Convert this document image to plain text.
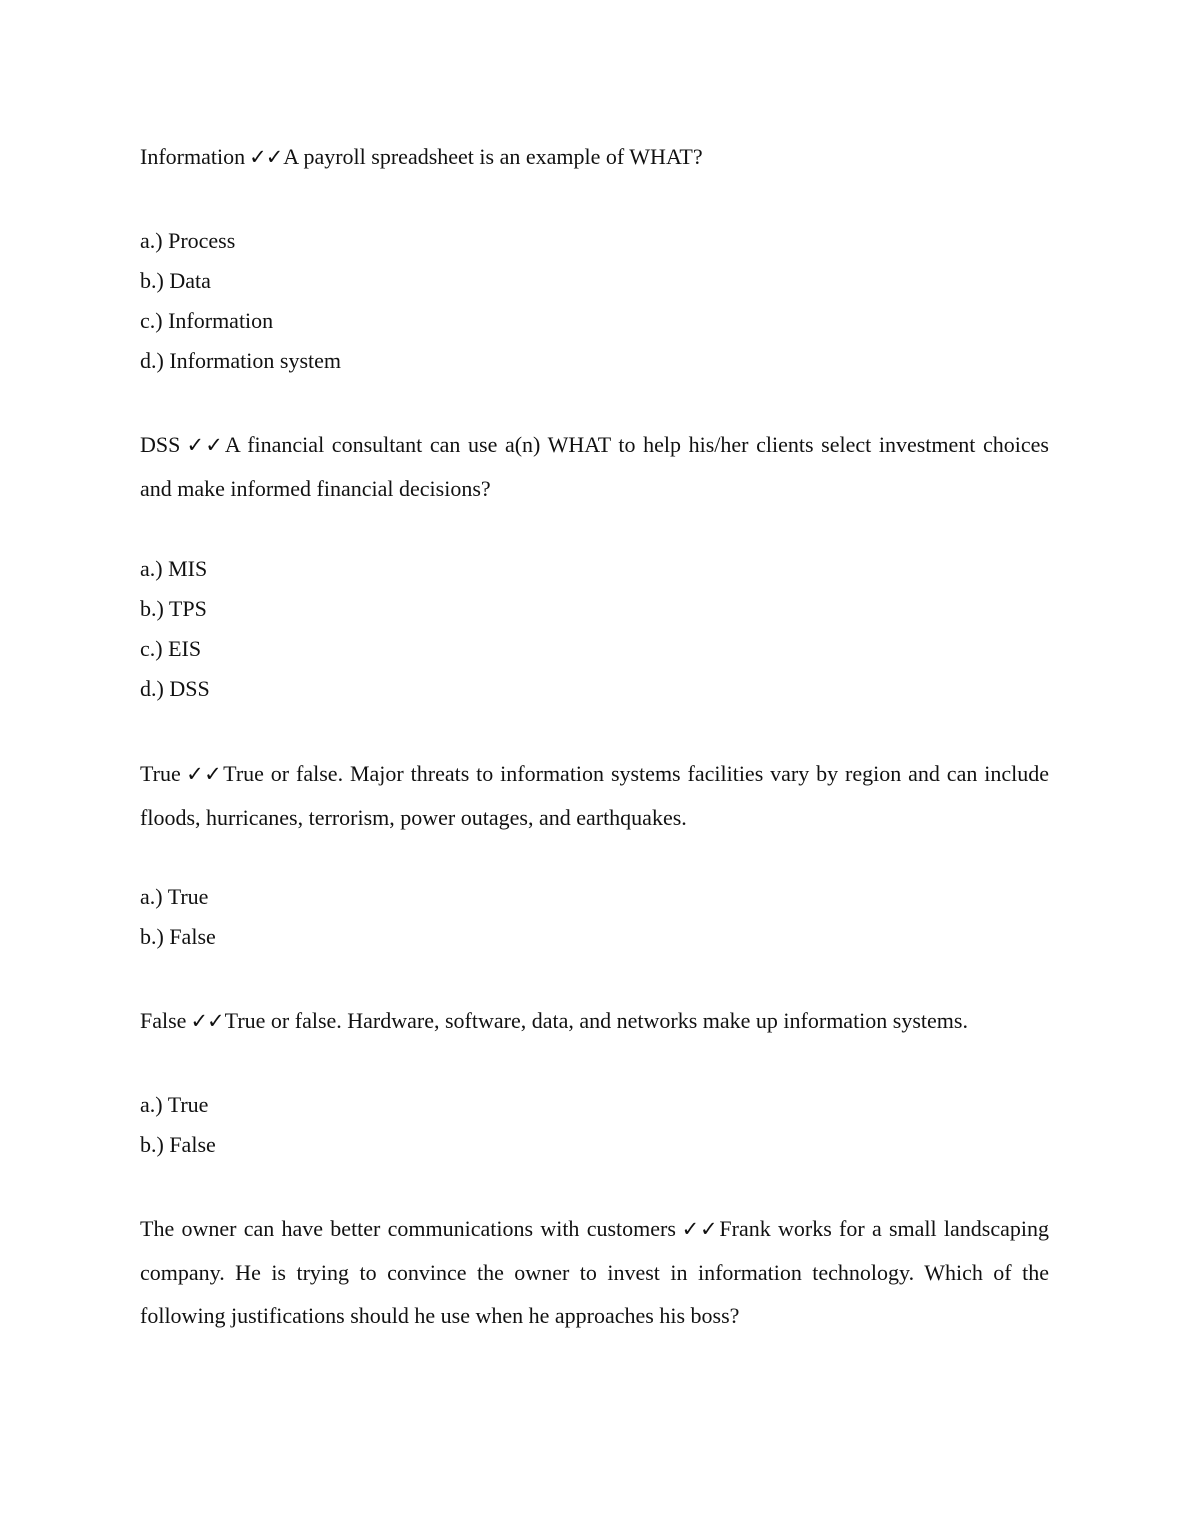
Information ✓✓A payroll spreadsheet is an example of WHAT?

a.) Process
b.) Data
c.) Information
d.) Information system

DSS ✓✓A financial consultant can use a(n) WHAT to help his/her clients select investment choices and make informed financial decisions?

a.) MIS
b.) TPS
c.) EIS
d.) DSS

True ✓✓True or false. Major threats to information systems facilities vary by region and can include floods, hurricanes, terrorism, power outages, and earthquakes.

a.) True
b.) False

False ✓✓True or false. Hardware, software, data, and networks make up information systems.

a.) True
b.) False

The owner can have better communications with customers ✓✓Frank works for a small landscaping company. He is trying to convince the owner to invest in information technology. Which of the following justifications should he use when he approaches his boss?
